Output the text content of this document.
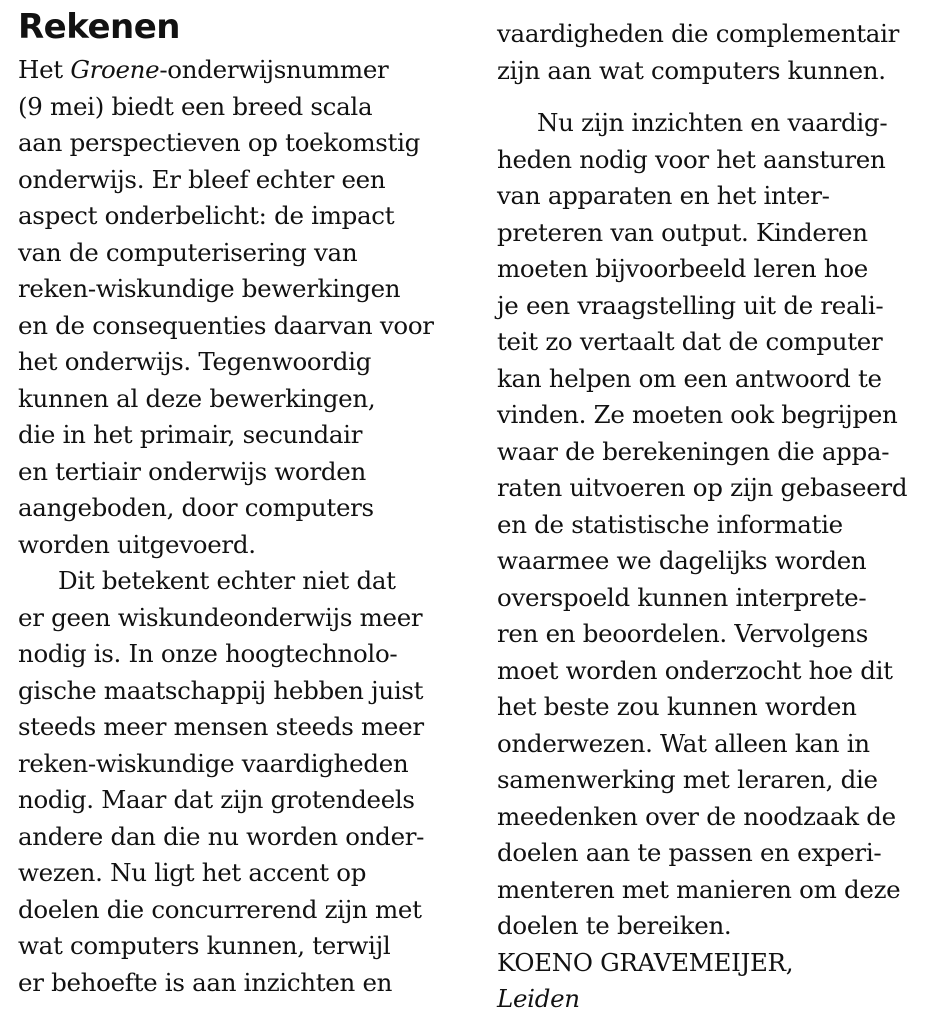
Rekenen
Het Groene-onderwijsnummer
(9 mei) biedt een breed scala
aan perspectieven op toekomstig
onderwijs. Er bleef echter een
aspect onderbelicht: de impact
van de computerisering van
reken-wiskundige bewerkingen
en de consequenties daarvan voor
het onderwijs. Tegenwoordig
kunnen al deze bewerkingen,
die in het primair, secundair
en tertiair onderwijs worden
aangeboden, door computers
worden uitgevoerd.
Dit betekent echter niet dat
er geen wiskundeonderwijs meer
nodig is. In onze hoogtechnolo-
gische maatschappij hebben juist
steeds meer mensen steeds meer
reken-wiskundige vaardigheden
nodig. Maar dat zijn grotendeels
andere dan die nu worden onder-
wezen. Nu ligt het accent op
doelen die concurrerend zijn met
wat computers kunnen, terwijl
er behoefte is aan inzichten en
vaardigheden die complementair
zijn aan wat computers kunnen.
Nu zijn inzichten en vaardig-
heden nodig voor het aansturen
van apparaten en het inter-
preteren van output. Kinderen
moeten bijvoorbeeld leren hoe
je een vraagstelling uit de reali-
teit zo vertaalt dat de computer
kan helpen om een antwoord te
vinden. Ze moeten ook begrijpen
waar de berekeningen die appa-
raten uitvoeren op zijn gebaseerd
en de statistische informatie
waarmee we dagelijks worden
overspoeld kunnen interprete-
ren en beoordelen. Vervolgens
moet worden onderzocht hoe dit
het beste zou kunnen worden
onderwezen. Wat alleen kan in
samenwerking met leraren, die
meedenken over de noodzaak de
doelen aan te passen en experi-
menteren met manieren om deze
doelen te bereiken.
KOENO GRAVEMEIJER,
Leiden
